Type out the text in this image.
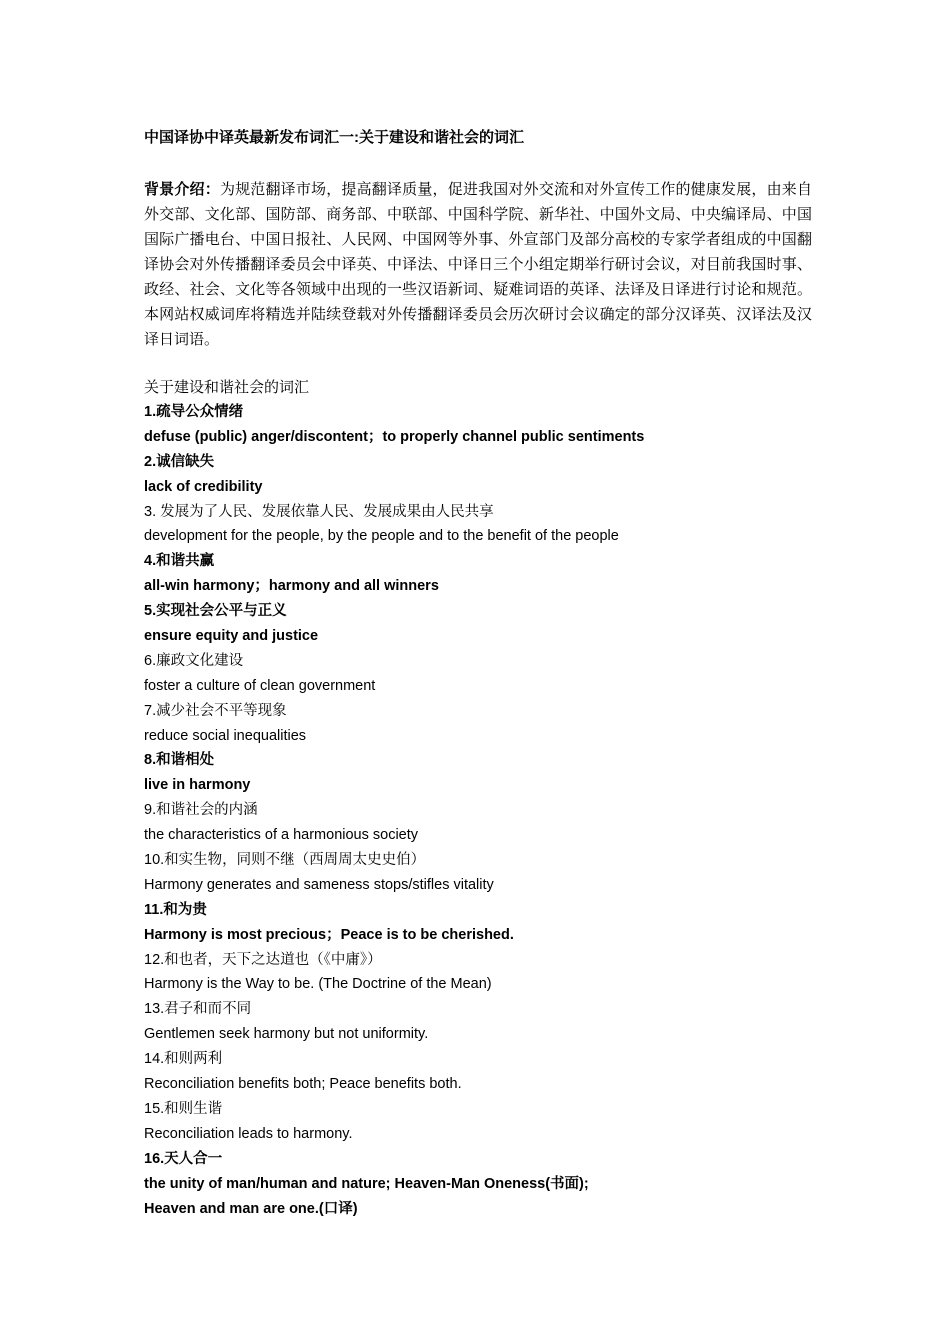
中国译协中译英最新发布词汇一:关于建设和谐社会的词汇

背景介绍：为规范翻译市场，提高翻译质量，促进我国对外交流和对外宣传工作的健康发展，由来自外交部、文化部、国防部、商务部、中联部、中国科学院、新华社、中国外文局、中央编译局、中国国际广播电台、中国日报社、人民网、中国网等外事、外宣部门及部分高校的专家学者组成的中国翻译协会对外传播翻译委员会中译英、中译法、中译日三个小组定期举行研讨会议，对目前我国时事、政经、社会、文化等各领域中出现的一些汉语新词、疑难词语的英译、法译及日译进行讨论和规范。本网站权威词库将精选并陆续登载对外传播翻译委员会历次研讨会议确定的部分汉译英、汉译法及汉译日词语。
关于建设和谐社会的词汇
1.疏导公众情绪
defuse (public) anger/discontent；to properly channel public sentiments
2.诚信缺失
lack of credibility
3. 发展为了人民、发展依靠人民、发展成果由人民共享
development for the people, by the people and to the benefit of the people
4.和谐共赢
all-win harmony；harmony and all winners
5.实现社会公平与正义
ensure equity and justice
6.廉政文化建设
foster a culture of clean government
7.减少社会不平等现象
reduce social inequalities
8.和谐相处
live in harmony
9.和谐社会的内涵
the characteristics of a harmonious society
10.和实生物，同则不继（西周周太史史伯）
Harmony generates and sameness stops/stifles vitality
11.和为贵
Harmony is most precious；Peace is to be cherished.
12.和也者，天下之达道也（《中庸》）
Harmony is the Way to be. (The Doctrine of the Mean)
13.君子和而不同
Gentlemen seek harmony but not uniformity.
14.和则两利
Reconciliation benefits both; Peace benefits both.
15.和则生谐
Reconciliation leads to harmony.
16.天人合一
the unity of man/human and nature; Heaven-Man Oneness(书面);
Heaven and man are one.(口译)
